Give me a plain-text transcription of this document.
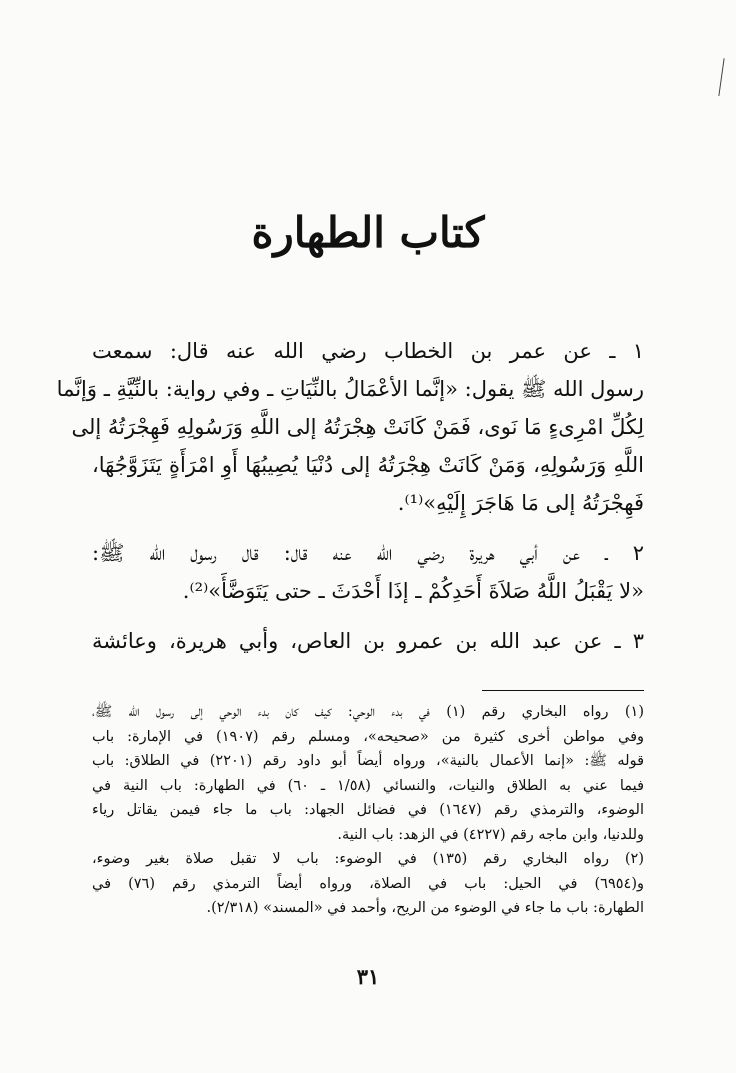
كتاب الطهارة

١ ـ عن عمر بن الخطاب رضي الله عنه قال: سمعت
رسول الله ﷺ يقول: «إنَّما الأعْمَالُ بالنِّيَاتِ ـ وفي رواية: بالنِّيَّةِ ـ وَإنَّما
لِكُلِّ امْرِىءٍ مَا نَوى، فَمَنْ كَانَتْ هِجْرَتُهُ إلى اللَّهِ وَرَسُولِهِ فَهِجْرَتُهُ إلى
اللَّهِ وَرَسُولِهِ، وَمَنْ كَانَتْ هِجْرَتُهُ إلى دُنْيَا يُصِيبُهَا أَوِ امْرَأَةٍ يَتَزَوَّجُهَا،
فَهِجْرَتُهُ إلى مَا هَاجَرَ إِلَيْهِ»⁽¹⁾.

٢ ـ عن أبي هريرة رضي الله عنه قال: قال رسول الله ﷺ:
«لا يَقْبَلُ اللَّهُ صَلاَةَ أَحَدِكُمْ ـ إذَا أَحْدَثَ ـ حتى يَتَوَضَّأَ»⁽²⁾.

٣ ـ عن عبد الله بن عمرو بن العاص، وأبي هريرة، وعائشة

(١) رواه البخاري رقم (١) في بدء الوحي: كيف كان بدء الوحي إلى رسول الله ﷺ،
وفي مواطن أخرى كثيرة من «صحيحه»، ومسلم رقم (١٩٠٧) في الإمارة: باب
قوله ﷺ: «إنما الأعمال بالنية»، ورواه أيضاً أبو داود رقم (٢٢٠١) في الطلاق: باب
فيما عني به الطلاق والنيات، والنسائي (١/٥٨ ـ ٦٠) في الطهارة: باب النية في
الوضوء، والترمذي رقم (١٦٤٧) في فضائل الجهاد: باب ما جاء فيمن يقاتل رياء
وللدنيا، وابن ماجه رقم (٤٢٢٧) في الزهد: باب النية.
(٢) رواه البخاري رقم (١٣٥) في الوضوء: باب لا تقبل صلاة بغير وضوء،
و(٦٩٥٤) في الحيل: باب في الصلاة، ورواه أيضاً الترمذي رقم (٧٦) في
الطهارة: باب ما جاء في الوضوء من الريح، وأحمد في «المسند» (٢/٣١٨).
٣١
